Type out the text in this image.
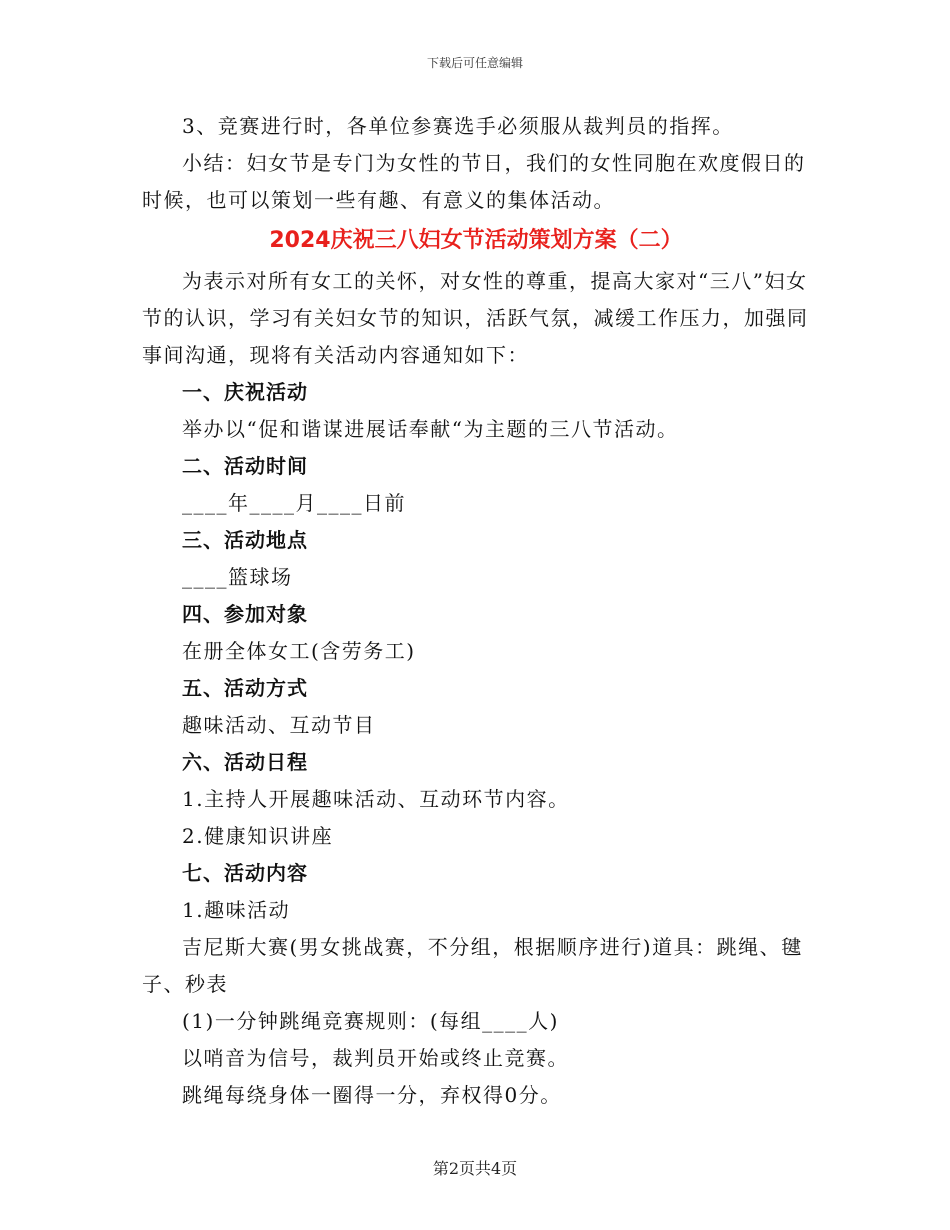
下载后可任意编辑

3、竞赛进行时，各单位参赛选手必须服从裁判员的指挥。

小结：妇女节是专门为女性的节日，我们的女性同胞在欢度假日的时候，也可以策划一些有趣、有意义的集体活动。

2024庆祝三八妇女节活动策划方案（二）

为表示对所有女工的关怀，对女性的尊重，提高大家对“三八”妇女节的认识，学习有关妇女节的知识，活跃气氛，减缓工作压力，加强同事间沟通，现将有关活动内容通知如下：

一、庆祝活动

举办以“促和谐谋进展话奉献“为主题的三八节活动。

二、活动时间

____年____月____日前

三、活动地点

____篮球场

四、参加对象

在册全体女工(含劳务工)

五、活动方式

趣味活动、互动节目

六、活动日程

1.主持人开展趣味活动、互动环节内容。

2.健康知识讲座

七、活动内容

1.趣味活动

吉尼斯大赛(男女挑战赛，不分组，根据顺序进行)道具：跳绳、毽子、秒表

(1)一分钟跳绳竞赛规则：(每组____人)

以哨音为信号，裁判员开始或终止竞赛。

跳绳每绕身体一圈得一分，弃权得0分。

第2页共4页
